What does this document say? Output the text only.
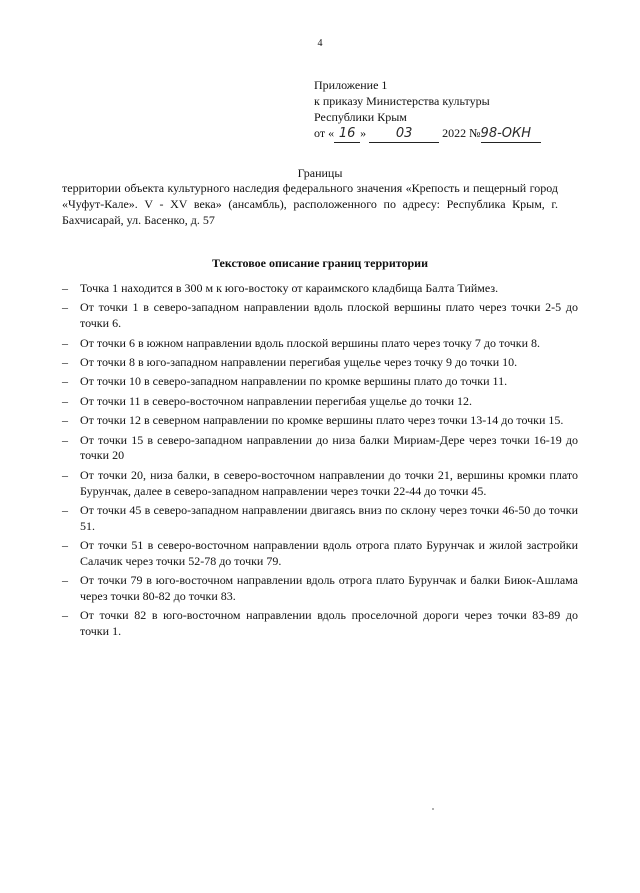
4
Приложение 1
к приказу Министерства культуры
Республики Крым
от « 16 » 03 2022 №98-ОКН
Границы
территории объекта культурного наследия федерального значения «Крепость и пещерный город «Чуфут-Кале». V - XV века» (ансамбль), расположенного по адресу: Республика Крым, г. Бахчисарай, ул. Басенко, д. 57
Текстовое описание границ территории
– Точка 1 находится в 300 м к юго-востоку от караимского кладбища Балта Тиймез.
– От точки 1 в северо-западном направлении вдоль плоской вершины плато через точки 2-5 до точки 6.
– От точки 6 в южном направлении вдоль плоской вершины плато через точку 7 до точки 8.
– От точки 8 в юго-западном направлении перегибая ущелье через точку 9 до точки 10.
– От точки 10 в северо-западном направлении по кромке вершины плато до точки 11.
– От точки 11 в северо-восточном направлении перегибая ущелье до точки 12.
– От точки 12 в северном направлении по кромке вершины плато через точки 13-14 до точки 15.
– От точки 15 в северо-западном направлении до низа балки Мириам-Дере через точки 16-19 до точки 20
– От точки 20, низа балки, в северо-восточном направлении до точки 21, вершины кромки плато Бурунчак, далее в северо-западном направлении через точки 22-44 до точки 45.
– От точки 45 в северо-западном направлении двигаясь вниз по склону через точки 46-50 до точки 51.
– От точки 51 в северо-восточном направлении вдоль отрога плато Бурунчак и жилой застройки Салачик через точки 52-78 до точки 79.
– От точки 79 в юго-восточном направлении вдоль отрога плато Бурунчак и балки Биюк-Ашлама через точки 80-82 до точки 83.
– От точки 82 в юго-восточном направлении вдоль проселочной дороги через точки 83-89 до точки 1.
